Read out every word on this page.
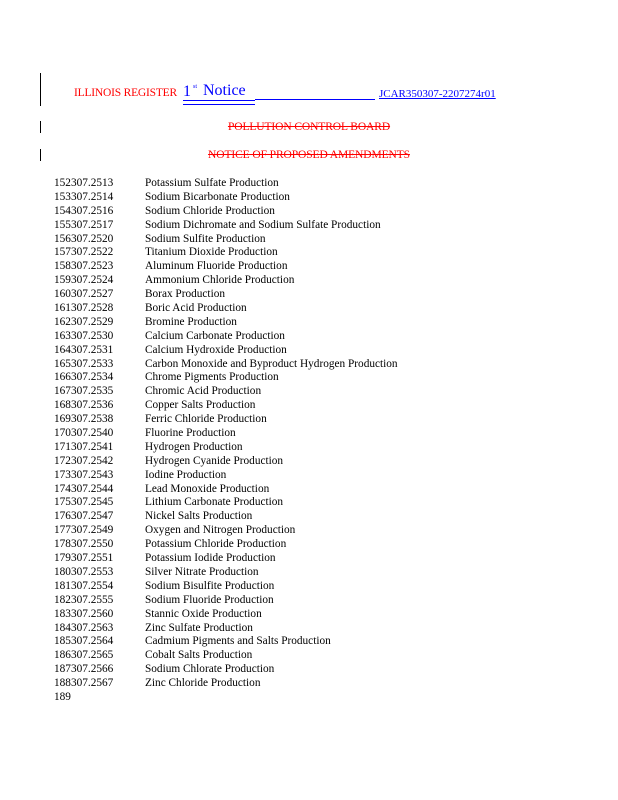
ILLINOIS REGISTER 1 st Notice	JCAR350307-2207274r01
POLLUTION CONTROL BOARD
NOTICE OF PROPOSED AMENDMENTS
152307.2513	Potassium Sulfate Production
153307.2514	Sodium Bicarbonate Production
154307.2516	Sodium Chloride Production
155307.2517	Sodium Dichromate and Sodium Sulfate Production
156307.2520	Sodium Sulfite Production
157307.2522	Titanium Dioxide Production
158307.2523	Aluminum Fluoride Production
159307.2524	Ammonium Chloride Production
160307.2527	Borax Production
161307.2528	Boric Acid Production
162307.2529	Bromine Production
163307.2530	Calcium Carbonate Production
164307.2531	Calcium Hydroxide Production
165307.2533	Carbon Monoxide and Byproduct Hydrogen Production
166307.2534	Chrome Pigments Production
167307.2535	Chromic Acid Production
168307.2536	Copper Salts Production
169307.2538	Ferric Chloride Production
170307.2540	Fluorine Production
171307.2541	Hydrogen Production
172307.2542	Hydrogen Cyanide Production
173307.2543	Iodine Production
174307.2544	Lead Monoxide Production
175307.2545	Lithium Carbonate Production
176307.2547	Nickel Salts Production
177307.2549	Oxygen and Nitrogen Production
178307.2550	Potassium Chloride Production
179307.2551	Potassium Iodide Production
180307.2553	Silver Nitrate Production
181307.2554	Sodium Bisulfite Production
182307.2555	Sodium Fluoride Production
183307.2560	Stannic Oxide Production
184307.2563	Zinc Sulfate Production
185307.2564	Cadmium Pigments and Salts Production
186307.2565	Cobalt Salts Production
187307.2566	Sodium Chlorate Production
188307.2567	Zinc Chloride Production
189
